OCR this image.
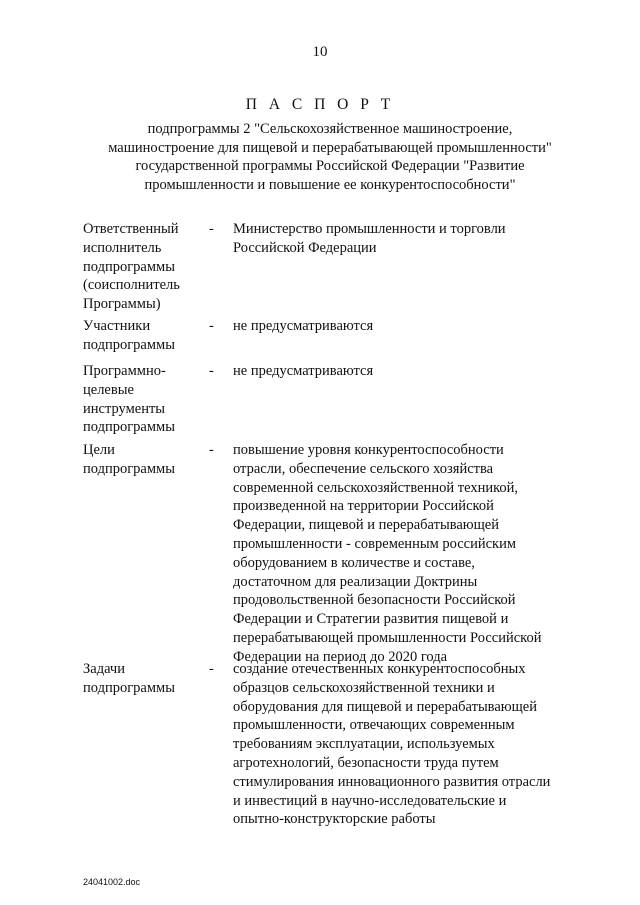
10
П А С П О Р Т
подпрограммы 2 "Сельскохозяйственное машиностроение,
машиностроение для пищевой и перерабатывающей промышленности"
государственной программы Российской Федерации "Развитие
промышленности и повышение ее конкурентоспособности"
Ответственный
исполнитель
подпрограммы
(соисполнитель
Программы)
- Министерство промышленности и торговли
Российской Федерации
Участники
подпрограммы
- не предусматриваются
Программно-
целевые
инструменты
подпрограммы
- не предусматриваются
Цели
подпрограммы
- повышение уровня конкурентоспособности
отрасли, обеспечение сельского хозяйства
современной сельскохозяйственной техникой,
произведенной на территории Российской
Федерации, пищевой и перерабатывающей
промышленности - современным российским
оборудованием в количестве и составе,
достаточном для реализации Доктрины
продовольственной безопасности Российской
Федерации и Стратегии развития пищевой и
перерабатывающей промышленности Российской
Федерации на период до 2020 года
Задачи
подпрограммы
- создание отечественных конкурентоспособных
образцов сельскохозяйственной техники и
оборудования для пищевой и перерабатывающей
промышленности, отвечающих современным
требованиям эксплуатации, используемых
агротехнологий, безопасности труда путем
стимулирования инновационного развития отрасли
и инвестиций в научно-исследовательские и
опытно-конструкторские работы
24041002.doc
